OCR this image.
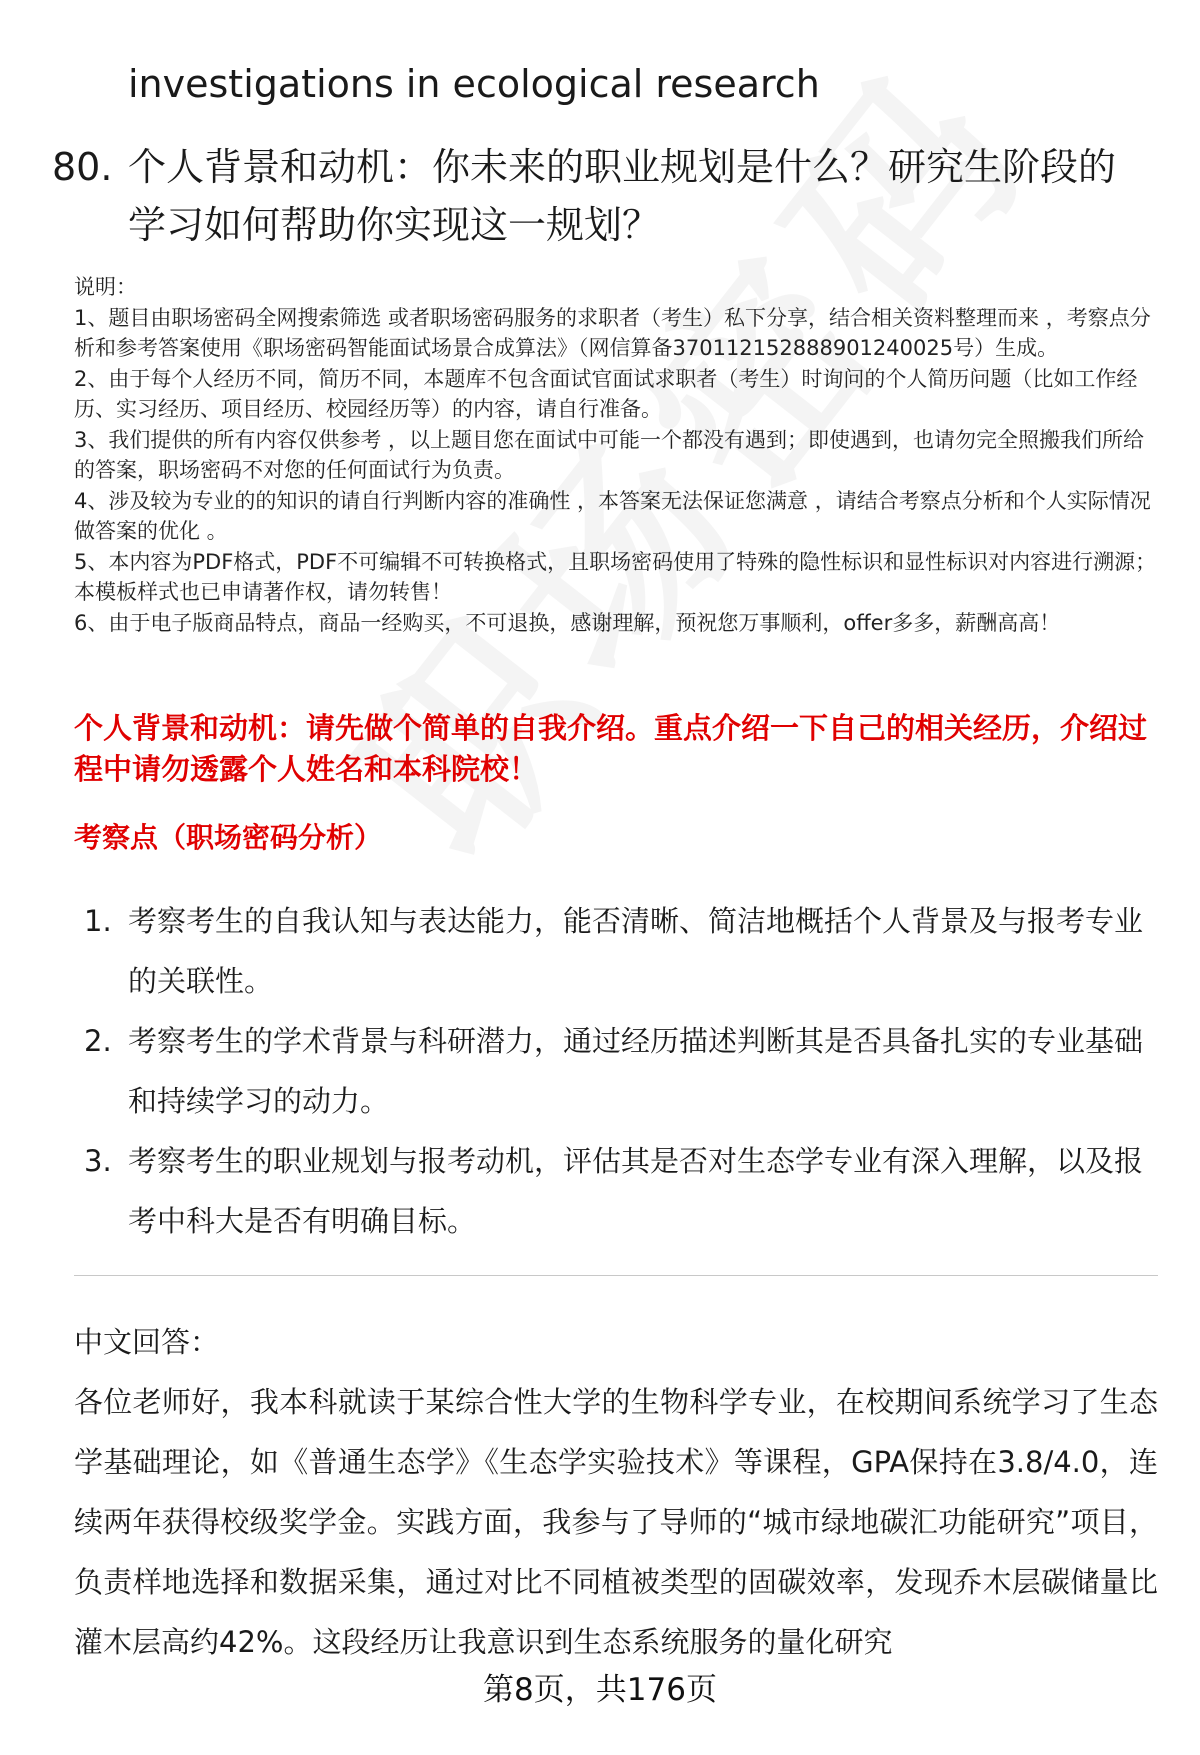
investigations in ecological research
80. 个人背景和动机：你未来的职业规划是什么？研究生阶段的学习如何帮助你实现这一规划？
说明：
1、题目由职场密码全网搜索筛选 或者职场密码服务的求职者（考生）私下分享，结合相关资料整理而来 ，考察点分析和参考答案使用《职场密码智能面试场景合成算法》（网信算备370112152888901240025号）生成。
2、由于每个人经历不同，简历不同，本题库不包含面试官面试求职者（考生）时询问的个人简历问题（比如工作经历、实习经历、项目经历、校园经历等）的内容，请自行准备。
3、我们提供的所有内容仅供参考 ，以上题目您在面试中可能一个都没有遇到；即使遇到，也请勿完全照搬我们所给的答案，职场密码不对您的任何面试行为负责。
4、涉及较为专业的的知识的请自行判断内容的准确性 ，本答案无法保证您满意 ，请结合考察点分析和个人实际情况做答案的优化 。
5、本内容为PDF格式，PDF不可编辑不可转换格式，且职场密码使用了特殊的隐性标识和显性标识对内容进行溯源；本模板样式也已申请著作权，请勿转售！
6、由于电子版商品特点，商品一经购买，不可退换，感谢理解，预祝您万事顺利，offer多多，薪酬高高！
个人背景和动机：请先做个简单的自我介绍。重点介绍一下自己的相关经历，介绍过程中请勿透露个人姓名和本科院校！
考察点（职场密码分析）
1. 考察考生的自我认知与表达能力，能否清晰、简洁地概括个人背景及与报考专业的关联性。
2. 考察考生的学术背景与科研潜力，通过经历描述判断其是否具备扎实的专业基础和持续学习的动力。
3. 考察考生的职业规划与报考动机，评估其是否对生态学专业有深入理解，以及报考中科大是否有明确目标。
中文回答：
各位老师好，我本科就读于某综合性大学的生物科学专业，在校期间系统学习了生态学基础理论，如《普通生态学》《生态学实验技术》等课程，GPA保持在3.8/4.0，连续两年获得校级奖学金。实践方面，我参与了导师的“城市绿地碳汇功能研究”项目，负责样地选择和数据采集，通过对比不同植被类型的固碳效率，发现乔木层碳储量比灌木层高约42%。这段经历让我意识到生态系统服务的量化研究
第8页，共176页
